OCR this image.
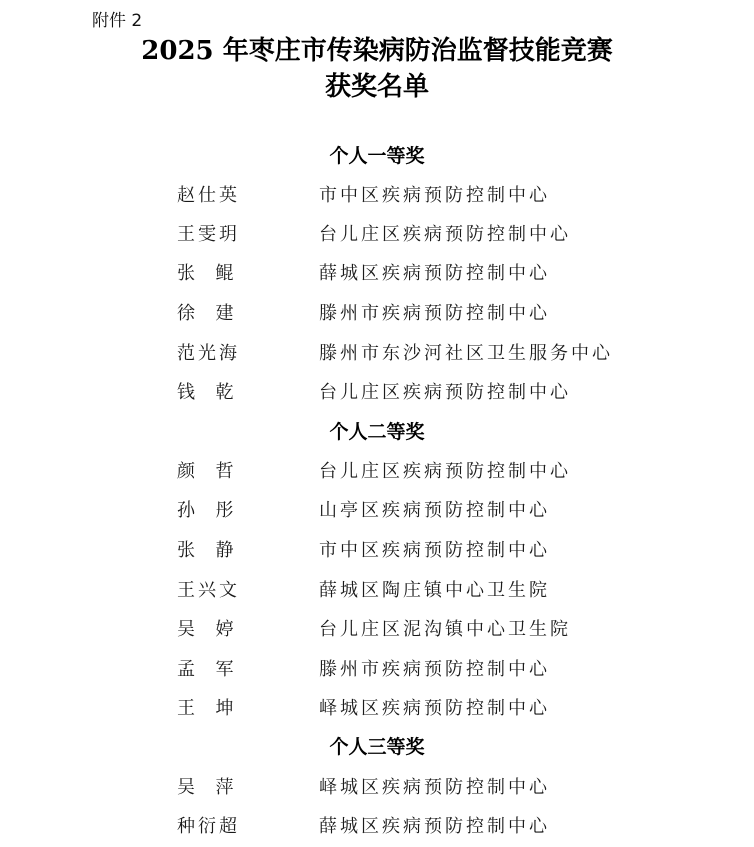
附件 2
2025 年枣庄市传染病防治监督技能竞赛
获奖名单
个人一等奖
赵仕英	市中区疾病预防控制中心
王雯玥	台儿庄区疾病预防控制中心
张  鲲	薛城区疾病预防控制中心
徐  建	滕州市疾病预防控制中心
范光海	滕州市东沙河社区卫生服务中心
钱  乾	台儿庄区疾病预防控制中心
个人二等奖
颜  哲	台儿庄区疾病预防控制中心
孙  彤	山亭区疾病预防控制中心
张  静	市中区疾病预防控制中心
王兴文	薛城区陶庄镇中心卫生院
吴  婷	台儿庄区泥沟镇中心卫生院
孟  军	滕州市疾病预防控制中心
王  坤	峄城区疾病预防控制中心
个人三等奖
吴  萍	峄城区疾病预防控制中心
种衍超	薛城区疾病预防控制中心
